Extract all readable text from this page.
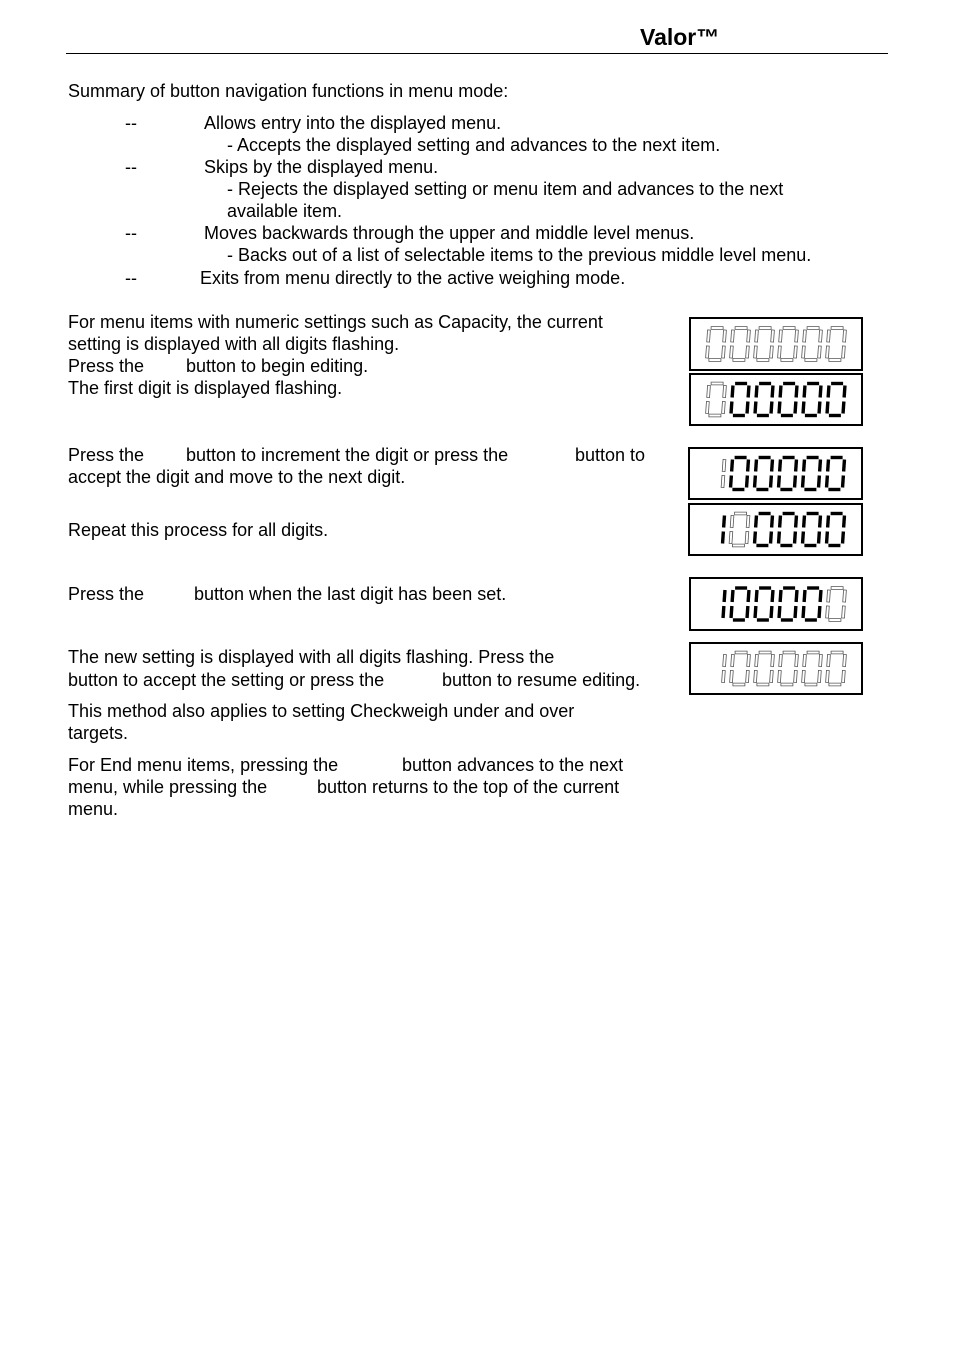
Valor™
Summary of button navigation functions in menu mode:
--	Allows entry into the displayed menu.
- Accepts the displayed setting and advances to the next item.
--	Skips by the displayed menu.
- Rejects the displayed setting or menu item and advances to the next
available item.
--	Moves backwards through the upper and middle level menus.
- Backs out of a list of selectable items to the previous middle level menu.
--	Exits from menu directly to the active weighing mode.
For menu items with numeric settings such as Capacity, the current
setting is displayed with all digits flashing.
Press the button to begin editing.
The first digit is displayed flashing.
Press the button to increment the digit or press the	button to
accept the digit and move to the next digit.
Repeat this process for all digits.
Press the	button when the last digit has been set.
The new setting is displayed with all digits flashing. Press the
button to accept the setting or press the	button to resume editing.
This method also applies to setting Checkweigh under and over
targets.
For End menu items, pressing the	button advances to the next
menu, while pressing the	button returns to the top of the current
menu.
